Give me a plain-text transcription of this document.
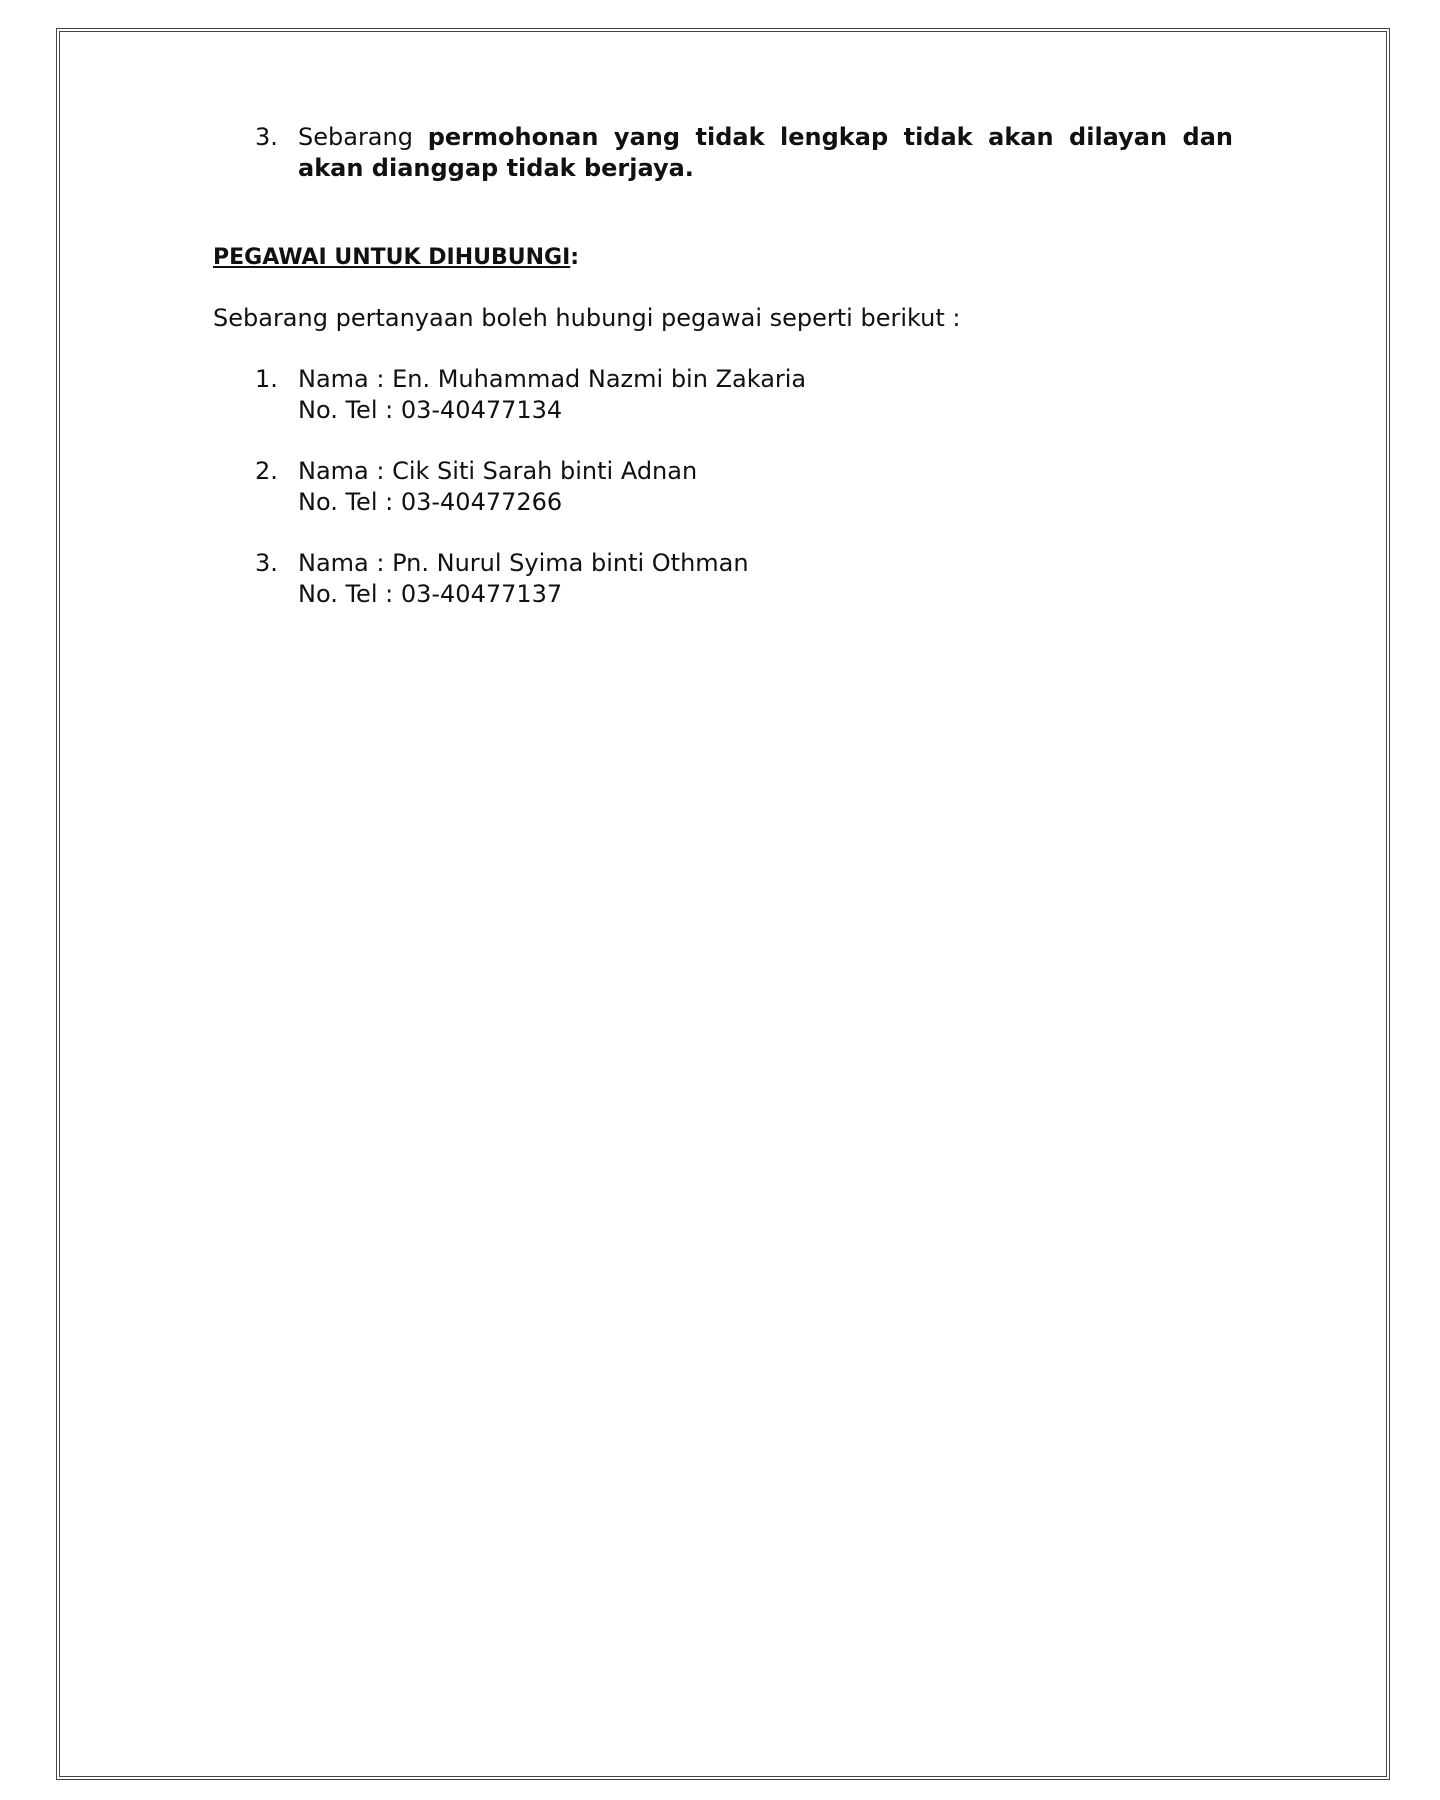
3. Sebarang permohonan yang tidak lengkap tidak akan dilayan dan akan dianggap tidak berjaya.
PEGAWAI UNTUK DIHUBUNGI:
Sebarang pertanyaan boleh hubungi pegawai seperti berikut :
1. Nama : En. Muhammad Nazmi bin Zakaria
No. Tel : 03-40477134
2. Nama : Cik Siti Sarah binti Adnan
No. Tel : 03-40477266
3. Nama : Pn. Nurul Syima binti Othman
No. Tel : 03-40477137
